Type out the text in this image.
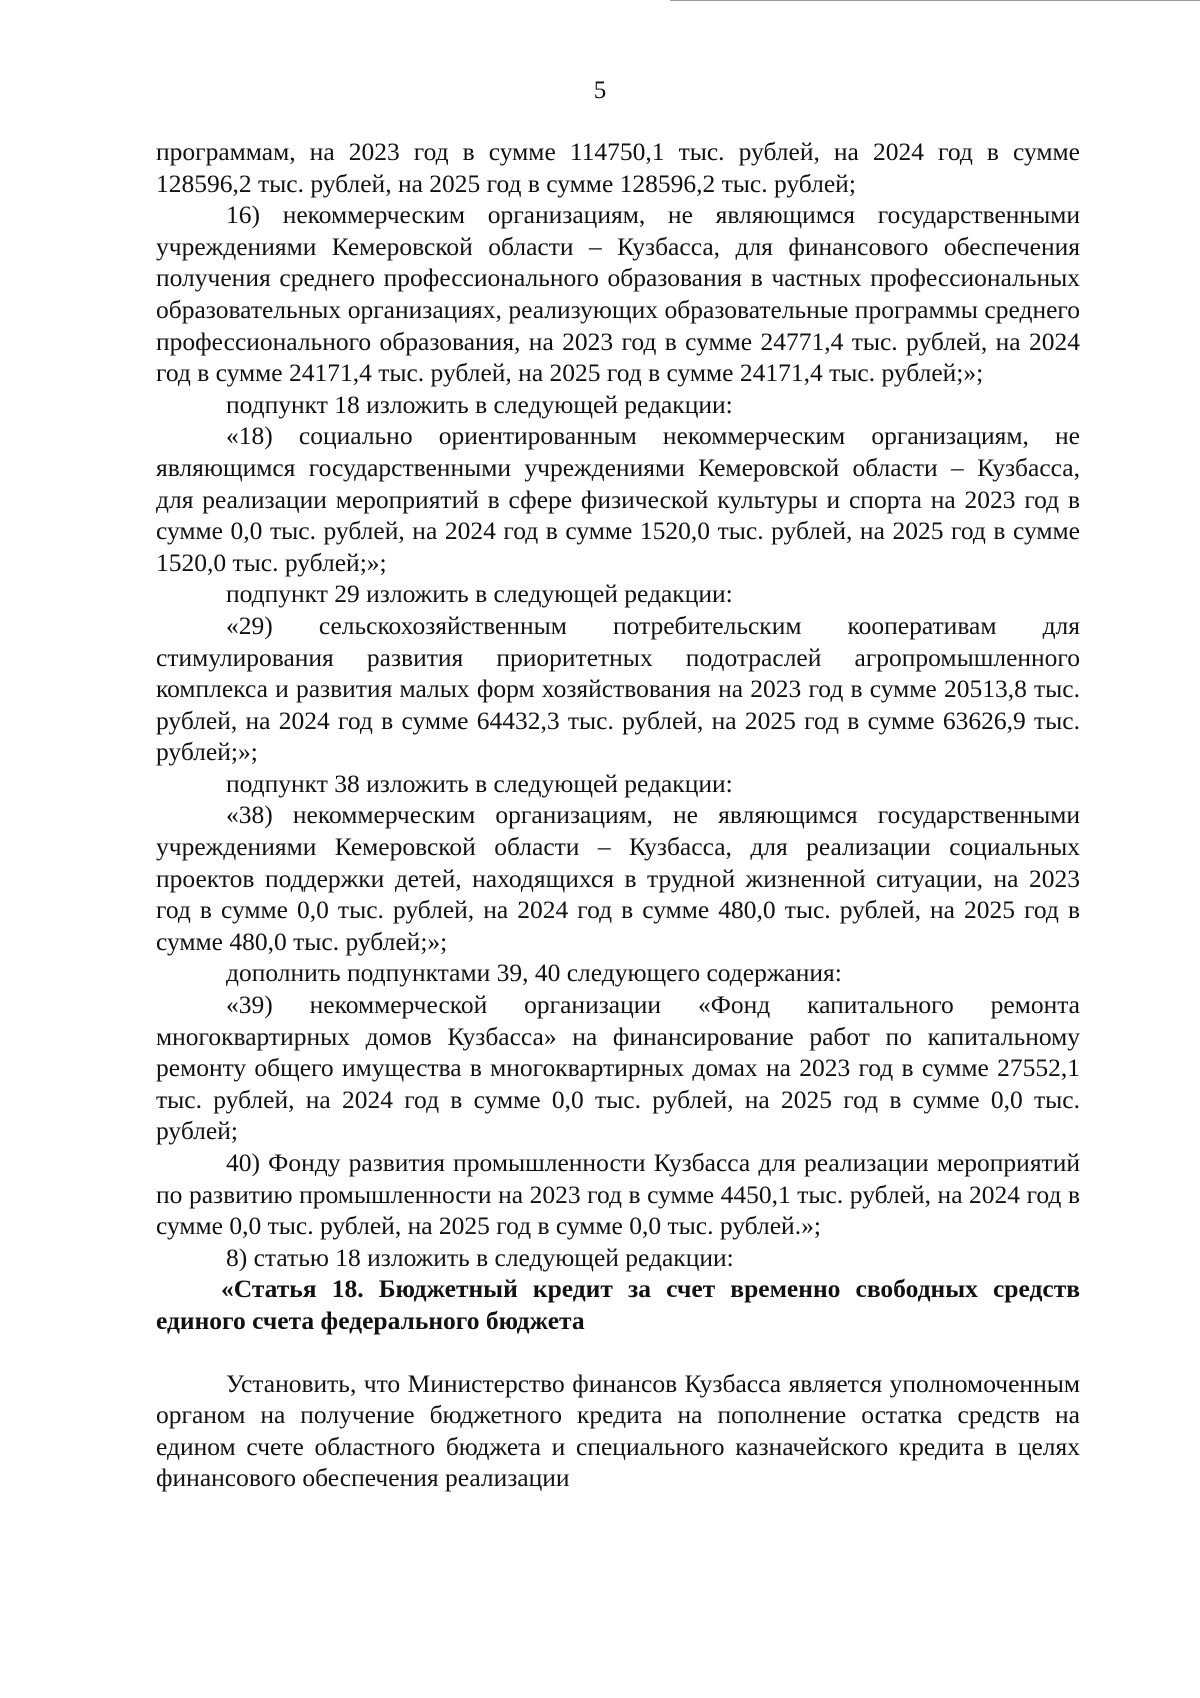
5

программам, на 2023 год в сумме 114750,1 тыс. рублей, на 2024 год в сумме 128596,2 тыс. рублей, на 2025 год в сумме 128596,2 тыс. рублей;

16) некоммерческим организациям, не являющимся государственными учреждениями Кемеровской области – Кузбасса, для финансового обеспечения получения среднего профессионального образования в частных профессиональных образовательных организациях, реализующих образовательные программы среднего профессионального образования, на 2023 год в сумме 24771,4 тыс. рублей, на 2024 год в сумме 24171,4 тыс. рублей, на 2025 год в сумме 24171,4 тыс. рублей;»;

подпункт 18 изложить в следующей редакции:

«18) социально ориентированным некоммерческим организациям, не являющимся государственными учреждениями Кемеровской области – Кузбасса, для реализации мероприятий в сфере физической культуры и спорта на 2023 год в сумме 0,0 тыс. рублей, на 2024 год в сумме 1520,0 тыс. рублей, на 2025 год в сумме 1520,0 тыс. рублей;»;

подпункт 29 изложить в следующей редакции:

«29) сельскохозяйственным потребительским кооперативам для стимулирования развития приоритетных подотраслей агропромышленного комплекса и развития малых форм хозяйствования на 2023 год в сумме 20513,8 тыс. рублей, на 2024 год в сумме 64432,3 тыс. рублей, на 2025 год в сумме 63626,9 тыс. рублей;»;

подпункт 38 изложить в следующей редакции:

«38) некоммерческим организациям, не являющимся государственными учреждениями Кемеровской области – Кузбасса, для реализации социальных проектов поддержки детей, находящихся в трудной жизненной ситуации, на 2023 год в сумме 0,0 тыс. рублей, на 2024 год в сумме 480,0 тыс. рублей, на 2025 год в сумме 480,0 тыс. рублей;»;

дополнить подпунктами 39, 40 следующего содержания:

«39) некоммерческой организации «Фонд капитального ремонта многоквартирных домов Кузбасса» на финансирование работ по капитальному ремонту общего имущества в многоквартирных домах на 2023 год в сумме 27552,1 тыс. рублей, на 2024 год в сумме 0,0 тыс. рублей, на 2025 год в сумме 0,0 тыс. рублей;

40) Фонду развития промышленности Кузбасса для реализации мероприятий по развитию промышленности на 2023 год в сумме 4450,1 тыс. рублей, на 2024 год в сумме 0,0 тыс. рублей, на 2025 год в сумме 0,0 тыс. рублей.»;

8) статью 18 изложить в следующей редакции:

«Статья 18. Бюджетный кредит за счет временно свободных средств единого счета федерального бюджета

Установить, что Министерство финансов Кузбасса является уполномоченным органом на получение бюджетного кредита на пополнение остатка средств на едином счете областного бюджета и специального казначейского кредита в целях финансового обеспечения реализации
